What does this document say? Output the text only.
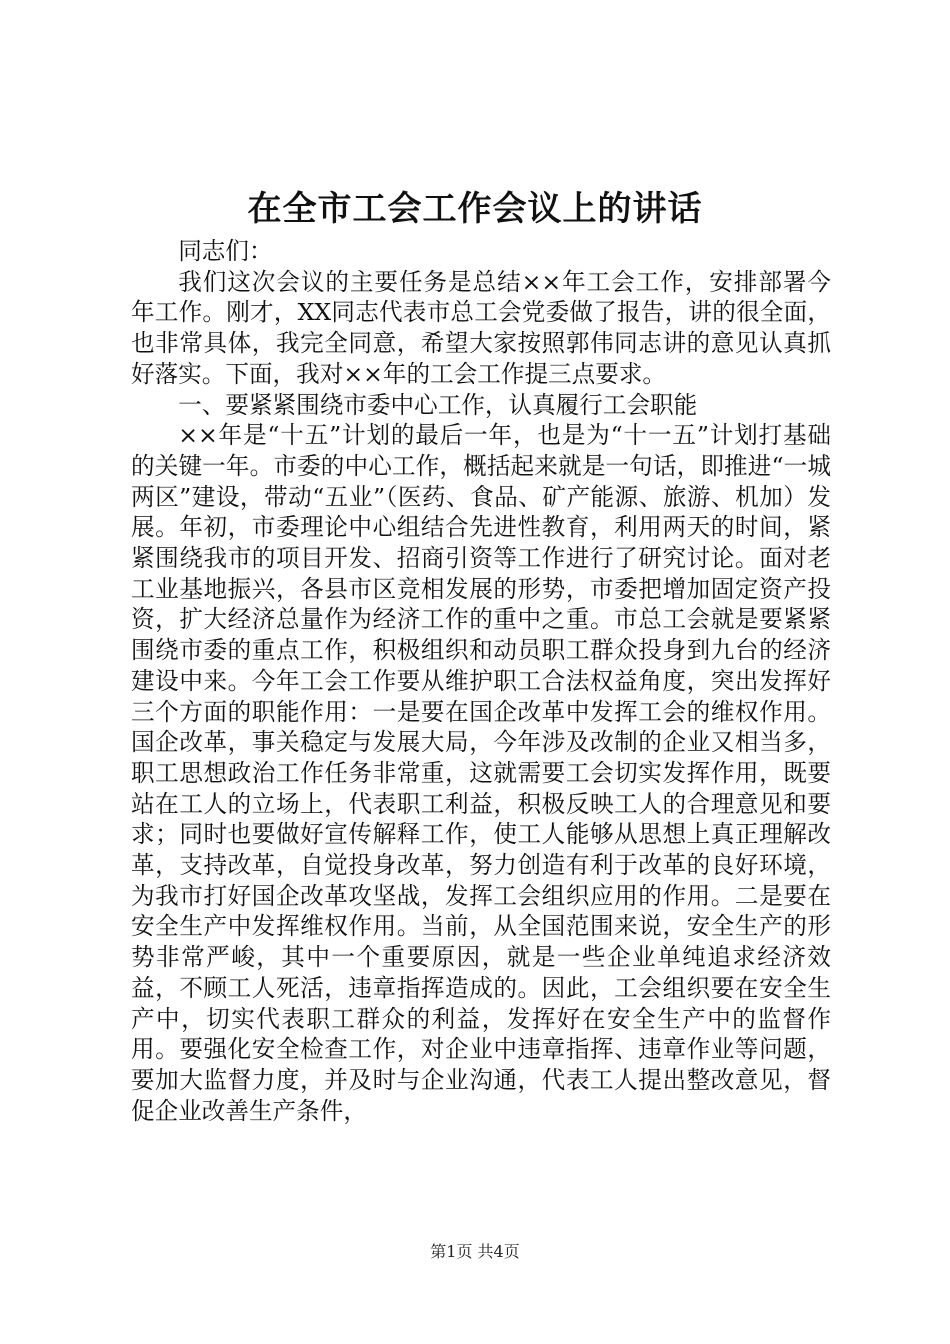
在全市工会工作会议上的讲话

同志们：

我们这次会议的主要任务是总结××年工会工作，安排部署今年工作。刚才，XX同志代表市总工会党委做了报告，讲的很全面，也非常具体，我完全同意，希望大家按照郭伟同志讲的意见认真抓好落实。下面，我对××年的工会工作提三点要求。

一、要紧紧围绕市委中心工作，认真履行工会职能

××年是“十五”计划的最后一年，也是为“十一五”计划打基础的关键一年。市委的中心工作，概括起来就是一句话，即推进“一城两区”建设，带动“五业”（医药、食品、矿产能源、旅游、机加）发展。年初，市委理论中心组结合先进性教育，利用两天的时间，紧紧围绕我市的项目开发、招商引资等工作进行了研究讨论。面对老工业基地振兴，各县市区竞相发展的形势，市委把增加固定资产投资，扩大经济总量作为经济工作的重中之重。市总工会就是要紧紧围绕市委的重点工作，积极组织和动员职工群众投身到九台的经济建设中来。今年工会工作要从维护职工合法权益角度，突出发挥好三个方面的职能作用：一是要在国企改革中发挥工会的维权作用。国企改革，事关稳定与发展大局，今年涉及改制的企业又相当多，职工思想政治工作任务非常重，这就需要工会切实发挥作用，既要站在工人的立场上，代表职工利益，积极反映工人的合理意见和要求；同时也要做好宣传解释工作，使工人能够从思想上真正理解改革，支持改革，自觉投身改革，努力创造有利于改革的良好环境，为我市打好国企改革攻坚战，发挥工会组织应用的作用。二是要在安全生产中发挥维权作用。当前，从全国范围来说，安全生产的形势非常严峻，其中一个重要原因，就是一些企业单纯追求经济效益，不顾工人死活，违章指挥造成的。因此，工会组织要在安全生产中，切实代表职工群众的利益，发挥好在安全生产中的监督作用。要强化安全检查工作，对企业中违章指挥、违章作业等问题，要加大监督力度，并及时与企业沟通，代表工人提出整改意见，督促企业改善生产条件，

第1页 共4页
